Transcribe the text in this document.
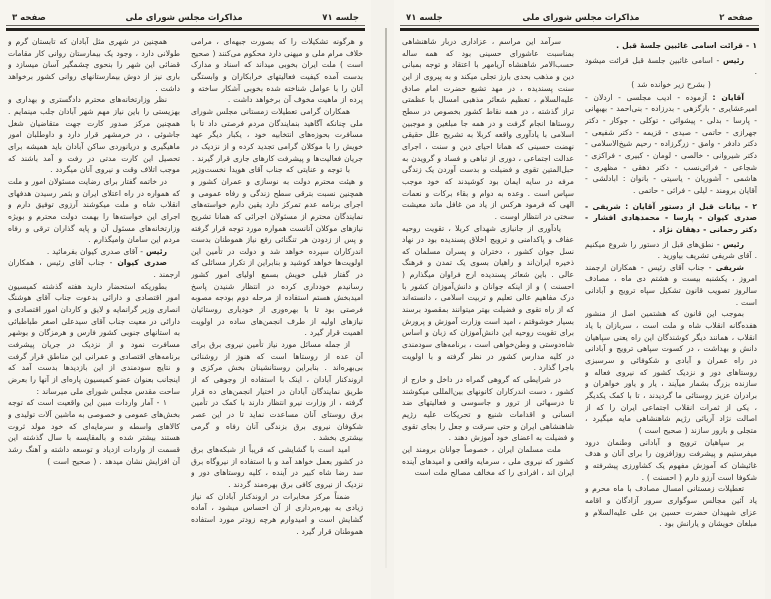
جلسه ۷۱
مذاکرات مجلس شورای ملی
صفحه ۳

و هرگونه تشکیلات را که بصورت جبهه‌ای ، مرامی خلاف مرام ملی و میهنی دارد محکوم می‌کنند ( صحیح است ) ملت ایران بخوبی میداند که اسناد و مدارک بدست آمده کیفیت فعالیتهای خرابکاران و وابستگی آنان را با عوامل شناخته شده بخوبی آشکار ساخته و پرده از ماهیت مخوف آن برخواهد داشت .

همکاران گرامی تعطیلات زمستانی مجلس شورای ملی چنانکه آگاهید بنمایندگان مردم فرصتی داد تا با مسافرت بحوزه‌های انتخابیه خود ، یکبار دیگر عهد خویش را با موکلان گرامی تجدید کرده و از نزدیک در جریان فعالیت‌ها و پیشرفت کارهای جاری قرار گیرند .

با توجه و عنایتی که جناب آقای هویدا نخست‌وزیر و هیئت محترم دولت به نوسازی و عمران کشور و همچنین نسبت بترقی سطح زندگی و رفاه عمومی و اجرای برنامه عدم تمرکز دارد یقین دارم خواسته‌های نمایندگان محترم از مسئولان اجرائی که همانا تشریح نیازهای موکلان آنانست همواره مورد توجه قرار گرفته و پس از زدودن هر تنگنائی رفع نیاز هموطنان بدست اندرکاران سپرده خواهد شد و دولت در تأمین این اولویت‌ها خواهد کوشید و بنابراین از تکرار مسائلی که در گفتار قبلی خویش بسمع اولیای امور کشور رسانیدم خودداری کرده در انتظار شنیدن پاسخ امیدبخش هستم استفاده از مرحله دوم بودجه مصوبه فرصتی بود تا با بهره‌وری از خودیاری روستائیان نیازهای اولیه از طرف انجمن‌های ساده در اولویت اهمیت قرار گیرد .

از جمله مسائل مورد نیاز تأمین نیروی برق برای آن عده از روستاها است که هنوز از روشنائی بی‌بهره‌اند . بنابراین روستانشینان بخش مرکزی و اروندکنار آبادان ، اینک با استفاده از وجوهی که از طریق نمایندگان آبادان در اختیار انجمن‌های ده قرار گرفته ، از وزارت نیرو انتظار دارند با کمک در تأمین برق روستای آنان مساعدت نماید تا در این عصر شکوفان نیروی برق بزندگی آنان رفاه و گرمی بیشتری بخشد .

امید است با گشایشی که قریباً از شبکه‌های برق در کشور بعمل خواهد آمد و با استفاده از نیروگاه برق سد رضا شاه کبیر در آینده ، کلیه روستاهای دور و نزدیک از نیروی کافی برق بهره‌مند گردند .

ضمناً مرکز مخابرات در اروندکنار آبادان که نیاز زیادی به بهره‌برداری از آن احساس میشود ، آماده گشایش است و امیدوارم هرچه زودتر مورد استفاده هموطنان قرار گیرد .

همچنین در شهری مثل آبادان که تابستان گرم و طولانی دارد ، وجود یک بیمارستان روانی کار مقامات قضائی این شهر را بنحوی چشمگیر آسان میسازد و باری نیز از دوش بیمارستانهای روانی کشور برخواهد داشت .

نظر وزارتخانه‌های محترم دادگستری و بهداری و بهزیستی را باین نیاز مهم شهر آبادان جلب مینمایم . همچنین مرکز صدور کارت جهت متقاضیان شغل جاشوئی ، در خرمشهر قرار دارد و داوطلبان امور ماهیگیری و دریانوردی ساکن آبادان باید همیشه برای تحصیل این کارت مدتی در رفت و آمد باشند که موجب اتلاف وقت و نیروی آنان میگردد .

در خاتمه گفتار برای رضایت مسئولان امور و ملت که همواره در راه اعتلای ایران و بثمر رسیدن هدفهای انقلاب شاه و ملت میکوشند آرزوی توفیق دارم و اجرای این خواسته‌ها را بهمت دولت محترم و بویژه وزارتخانه‌های مسئول آن و پایه گذاران ترقی و رفاه مردم این سامان وامیگذارم .

رئیس - آقای صدری کیوان بفرمائید .

صدری کیوان - جناب آقای رئیس ، همکاران ارجمند .

بطوریکه استحضار دارید هفته گذشته کمیسیون امور اقتصادی و دارائی بدعوت جناب آقای هوشنگ انصاری وزیر گرانمایه و لایق و کاردان امور اقتصادی و دارائی در معیت جناب آقای سیدعلی اصغر طباطبائی به استانهای جنوبی کشور فارس و هرمزگان و بوشهر مسافرت نمود و از نزدیک در جریان پیشرفت برنامه‌های اقتصادی و عمرانی این مناطق قرار گرفت و نتایج سودمندی از این بازدیدها بدست آمد که اینجانب بعنوان عضو کمیسیون پاره‌ای از آنها را بعرض ساحت مقدس مجلس شورای ملی میرساند :

۱ - آمار واردات مبین این واقعیت است که توجه بخش‌های عمومی و خصوصی به ماشین آلات تولیدی و کالاهای واسطه و سرمایه‌ای که خود مولد ثروت هستند بیشتر شده و بالمقایسه با سال گذشته این قسمت از واردات ازدیاد و توسعه داشته و آهنگ رشد آن افزایش نشان میدهد . ( صحیح است )

صفحه ۲
مذاکرات مجلس شورای ملی
جلسه ۷۱

۱ - قرائت اسامی غائبین جلسهٔ قبل .

رئیس - اسامی غائبین جلسهٔ قبل قرائت میشود .

( بشرح زیر خوانده شد )

آقایان : آزموده - ادیب مجلسی - اردلان - امیرعشایری - بارگزهی - بدرزاده - بنی‌احمد - بهبهانی - پارسا - بدلی - پیشوائی - توکلی - جوکار - دکتر جهرازی - حاتمی - صیدی - قزیمه - دکتر شفیعی - دکتر دادفر - وامق - زرگرزاده - رحیم شیخ‌الاسلامی - دکتر شیروانی - خالصی - لومان - کبیری - فراکزی - شجاعی - فرائی‌نسب - دکتر دهقی - مظهری - هاشمی - آشوریان - یاسیتی - بانوان : ابادلشی - آقایان برومند - لیلی - فرائی - حاتمی .

۲ - بیانات قبل از دستور آقایان : شریفی - صدری کیوان - پارسا - محمدهادی افشار - دکتر رحمانی - دهقان نژاد .

رئیس - نطق‌های قبل از دستور را شروع میکنیم . آقای شریفی تشریف بیاورید .

شریفی - جناب آقای رئیس - همکاران ارجمند امروز ، یکشنبه بیست و هشتم دی ماه ، مصادف سالروز تصویب قانون تشکیل سپاه ترویج و آبادانی است .

بموجب این قانون که هشتمین اصل از منشور هفده‌گانه انقلاب شاه و ملت است ، سربازان با یاد انقلاب ، همانند دیگر کوشندگان این راه یعنی سپاهیان دانش و بهداشت ، در کسوت سپاهی ترویج و آبادانی در راه عمران و آبادی و شکوفائی و سرسبزی روستاهای دور و نزدیک کشور که نیروی فعاله و سازنده بزرگ بشمار میآیند ، یار و یاور خواهران و برادران عزیز روستائی ما گردیدند ، تا با کمک یکدیگر ، یکی از ثمرات انقلاب اجتماعی ایران را که از اصالت نژاد آریائی رژیم شاهنشاهی مایه میگیرد ، متجلی و بارور سازند ( صحیح است )

بر سپاهیان ترویج و آبادانی وطنمان درود میفرستیم و پیشرفت روزافزون را برای آنان و هدف غائیشان که آموزش مفهوم یک کشاورزی پیشرفته و شکوفا است آرزو دارم ( احسنت ) .

تعطیلات زمستانی امسال مصادف با ماه محرم و یاد آئین مجالس سوگواری سرور آزادگان و اقامه عزای شهیدان حضرت حسین بن علی علیه‌السلام و مبلغان خویشان و یارانش بود .

سرآمد این مراسم ، عزاداری دربار شاهنشاهی بمناسبت عاشورای حسینی بود که همه ساله حسب‌الامر شاهنشاه آریامهر با اعتقاد و توجه بمبانی دین و مذهب بحدی بارز تجلی میکند و به پیروی از این سنت پسندیده ، در مهد تشیع حضرت امام صادق علیه‌السلام ، تعظیم شعائر مذهبی امسال با عظمتی تراز گذشته ، در همه نقاط کشور بخصوص در سطح روستاها انجام گرفت و در همه جا مبلغین و موجبین اسلامی با یادآوری واقعه کربلا به تشریح علل حقیقی نهضت حسینی که همانا احیای دین و سنت ، اجرای عدالت اجتماعی ، دوری از تباهی و فساد و گرویدن به حبل‌المتین تقوی و فضیلت و بدست آوردن یک زندگی مرفه در سایه ایمان بود کوشیدند که خود موجب سپاس است . وعده به دوام و بقاء برکات و نعمات الهی که فرمود هرکس از یاد من غافل ماند معیشت سختی در انتظار اوست .

یادآوری از جانبازی شهدای کربلا ، تقویت روحیه عفاف و پاکدامنی و ترویج اخلاق پسندیده بود در نهاد نسل جوان کشور ، دختران و پسران مسلمان که ذخیره ایران‌اند و راهیان بسوی یک تمدن و فرهنگ عالی . باین شعائر پسندیده ارج فراوان میگذارم ( احسنت ) و از اینکه جوانان و دانش‌آموزان کشور با درک مفاهیم عالی تعلیم و تربیت اسلامی ، دانسته‌اند که از راه تقوی و فضیلت بهتر میتوانند بمقصود برسند بسیار خوشوقتم ، امید است وزارت آموزش و پرورش برای تقویت روحیه این دانش‌آموزان که زبان و اساس شاه‌دوستی و وطن‌خواهی است ، برنامه‌های سودمندی در کلیه مدارس کشور در نظر گرفته و با اولویت باجرا گذارد .

در شرایطی که گروهی گمراه در داخل و خارج از کشور ، دست اندرکاران کانونهای بین‌المللی میکوشند تا درسهائی از ترور و جاسوسی و فعالیتهای ضد انسانی و اقدامات شنیع و تحریکات علیه رژیم شاهنشاهی ایران و حتی سرقت و جعل را بجای تقوی و فضیلت به اعضای خود آموزش دهند .

ملت مسلمان ایران ، خصوصاً جوانان برومند این کشور که نیروی ملی ، سرمایه واقعی و امیدهای آینده ایران اند ، افرادی را که مخالف مصالح ملت است
